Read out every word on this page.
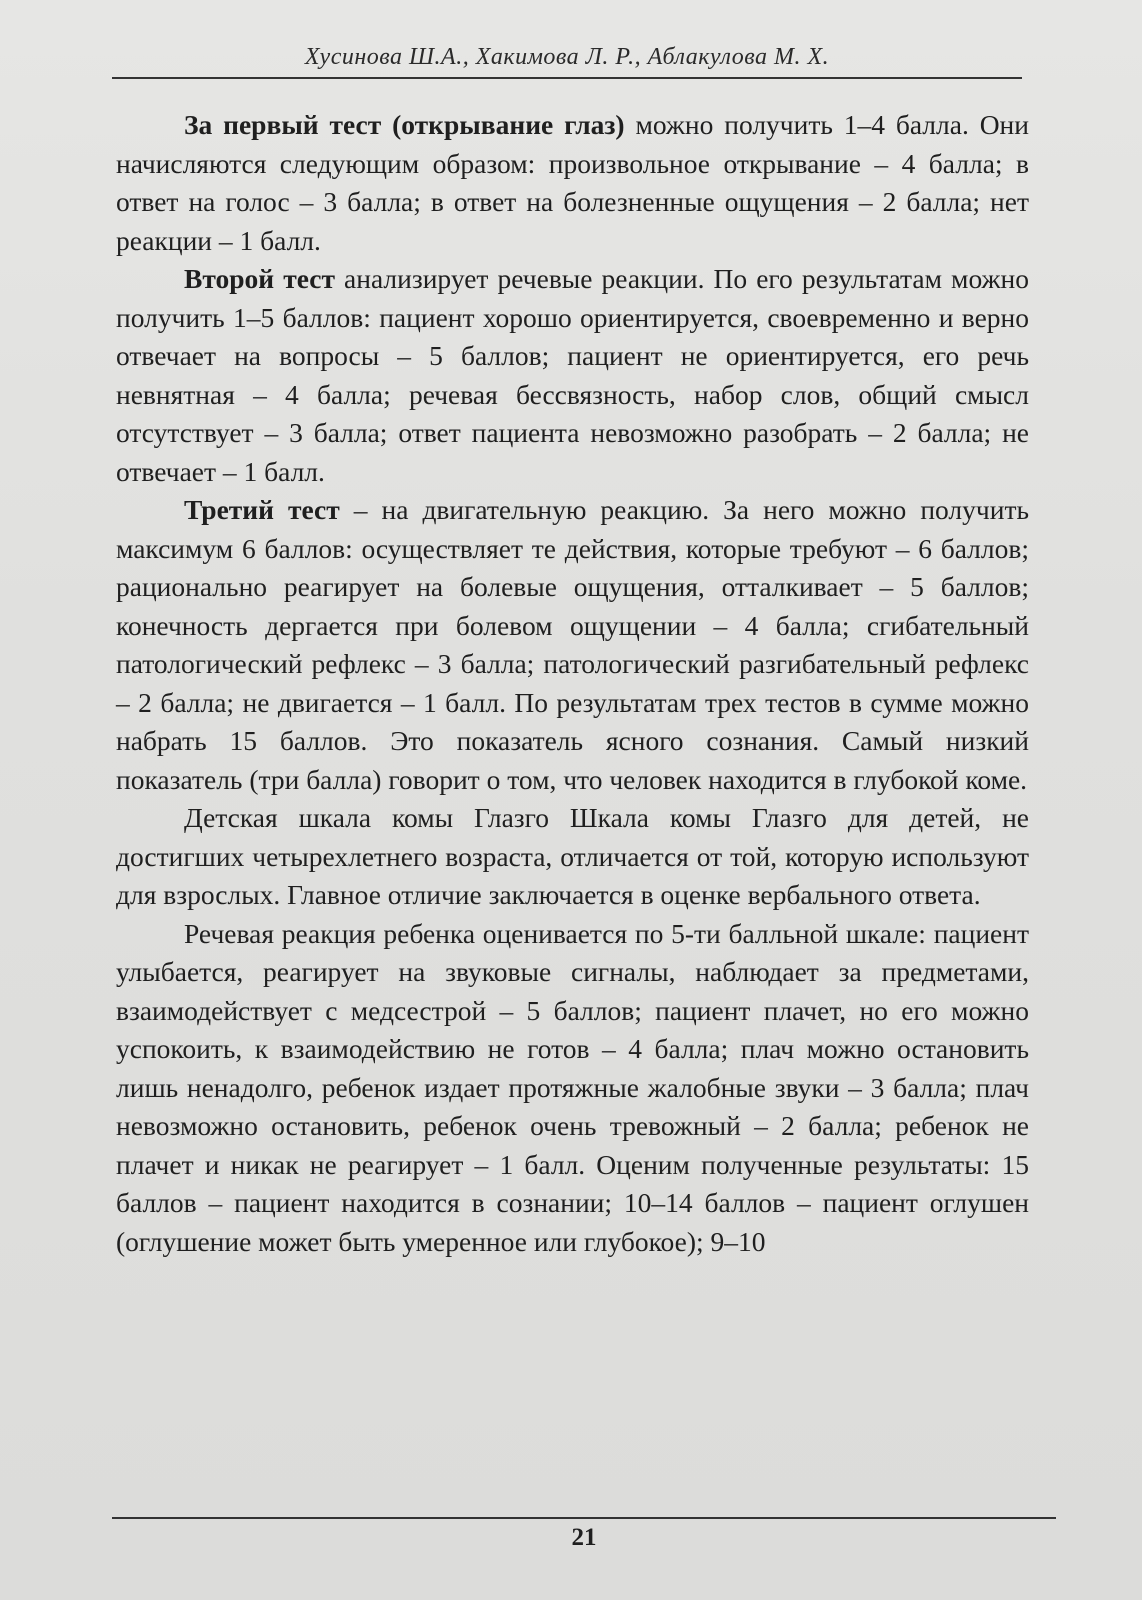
Хусинова Ш.А., Хакимова Л. Р., Аблакулова М. Х.

За первый тест (открывание глаз) можно получить 1–4 балла. Они начисляются следующим образом: произвольное открывание – 4 балла; в ответ на голос – 3 балла; в ответ на болезненные ощущения – 2 балла; нет реакции – 1 балл.

Второй тест анализирует речевые реакции. По его результатам можно получить 1–5 баллов: пациент хорошо ориентируется, своевременно и верно отвечает на вопросы – 5 баллов; пациент не ориентируется, его речь невнятная – 4 балла; речевая бессвязность, набор слов, общий смысл отсутствует – 3 балла; ответ пациента невозможно разобрать – 2 балла; не отвечает – 1 балл.

Третий тест – на двигательную реакцию. За него можно получить максимум 6 баллов: осуществляет те действия, которые требуют – 6 баллов; рационально реагирует на болевые ощущения, отталкивает – 5 баллов; конечность дергается при болевом ощущении – 4 балла; сгибательный патологический рефлекс – 3 балла; патологический разгибательный рефлекс – 2 балла; не двигается – 1 балл. По результатам трех тестов в сумме можно набрать 15 баллов. Это показатель ясного сознания. Самый низкий показатель (три балла) говорит о том, что человек находится в глубокой коме.

Детская шкала комы Глазго Шкала комы Глазго для детей, не достигших четырехлетнего возраста, отличается от той, которую используют для взрослых. Главное отличие заключается в оценке вербального ответа.

Речевая реакция ребенка оценивается по 5-ти балльной шкале: пациент улыбается, реагирует на звуковые сигналы, наблюдает за предметами, взаимодействует с медсестрой – 5 баллов; пациент плачет, но его можно успокоить, к взаимодействию не готов – 4 балла; плач можно остановить лишь ненадолго, ребенок издает протяжные жалобные звуки – 3 балла; плач невозможно остановить, ребенок очень тревожный – 2 балла; ребенок не плачет и никак не реагирует – 1 балл. Оценим полученные результаты: 15 баллов – пациент находится в сознании; 10–14 баллов – пациент оглушен (оглушение может быть умеренное или глубокое); 9–10

21
